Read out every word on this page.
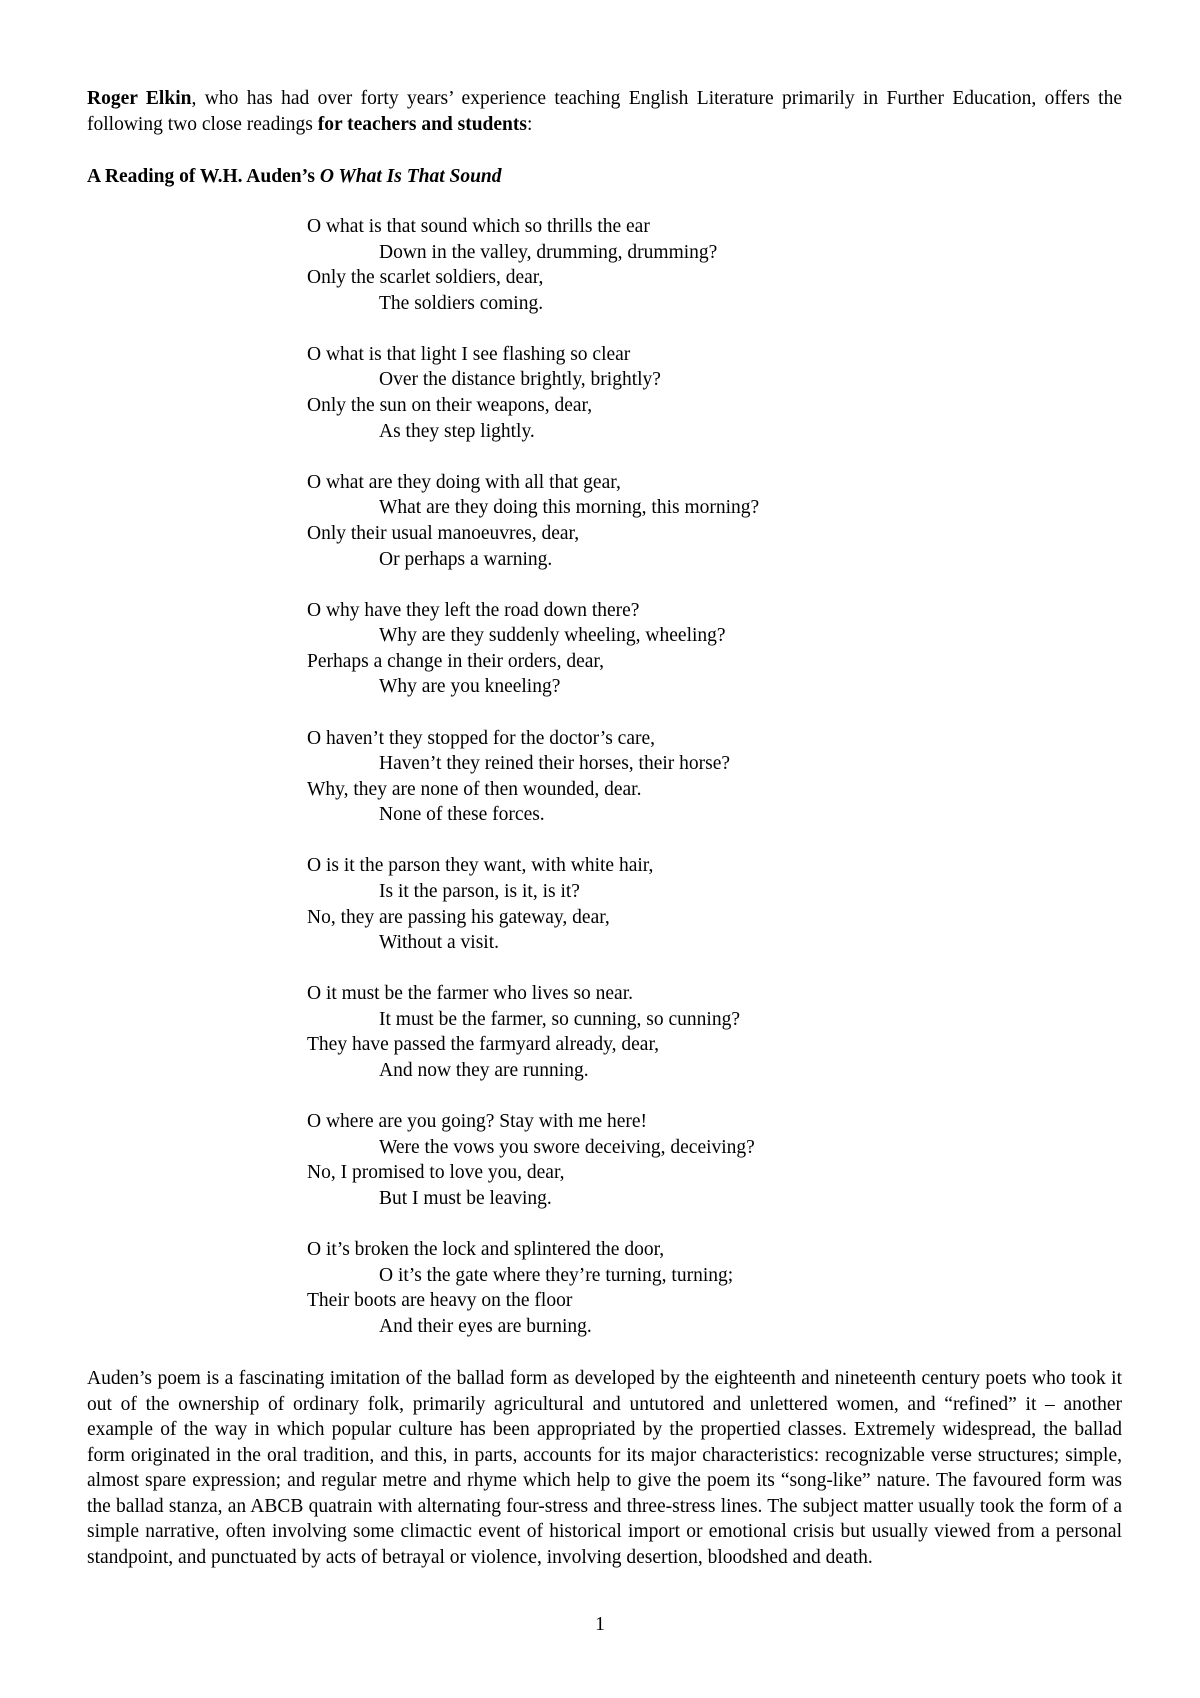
Roger Elkin, who has had over forty years’ experience teaching English Literature primarily in Further Education, offers the following two close readings for teachers and students:

A Reading of W.H. Auden’s O What Is That Sound

O what is that sound which so thrills the ear
Down in the valley, drumming, drumming?
Only the scarlet soldiers, dear,
The soldiers coming.
O what is that light I see flashing so clear
Over the distance brightly, brightly?
Only the sun on their weapons, dear,
As they step lightly.
O what are they doing with all that gear,
What are they doing this morning, this morning?
Only their usual manoeuvres, dear,
Or perhaps a warning.
O why have they left the road down there?
Why are they suddenly wheeling, wheeling?
Perhaps a change in their orders, dear,
Why are you kneeling?
O haven’t they stopped for the doctor’s care,
Haven’t they reined their horses, their horse?
Why, they are none of then wounded, dear.
None of these forces.
O is it the parson they want, with white hair,
Is it the parson, is it, is it?
No, they are passing his gateway, dear,
Without a visit.
O it must be the farmer who lives so near.
It must be the farmer, so cunning, so cunning?
They have passed the farmyard already, dear,
And now they are running.
O where are you going? Stay with me here!
Were the vows you swore deceiving, deceiving?
No, I promised to love you, dear,
But I must be leaving.
O it’s broken the lock and splintered the door,
O it’s the gate where they’re turning, turning;
Their boots are heavy on the floor
And their eyes are burning.

Auden’s poem is a fascinating imitation of the ballad form as developed by the eighteenth and nineteenth century poets who took it out of the ownership of ordinary folk, primarily agricultural and untutored and unlettered women, and “refined” it – another example of the way in which popular culture has been appropriated by the propertied classes. Extremely widespread, the ballad form originated in the oral tradition, and this, in parts, accounts for its major characteristics: recognizable verse structures; simple, almost spare expression; and regular metre and rhyme which help to give the poem its “song-like” nature. The favoured form was the ballad stanza, an ABCB quatrain with alternating four-stress and three-stress lines. The subject matter usually took the form of a simple narrative, often involving some climactic event of historical import or emotional crisis but usually viewed from a personal standpoint, and punctuated by acts of betrayal or violence, involving desertion, bloodshed and death.

1
